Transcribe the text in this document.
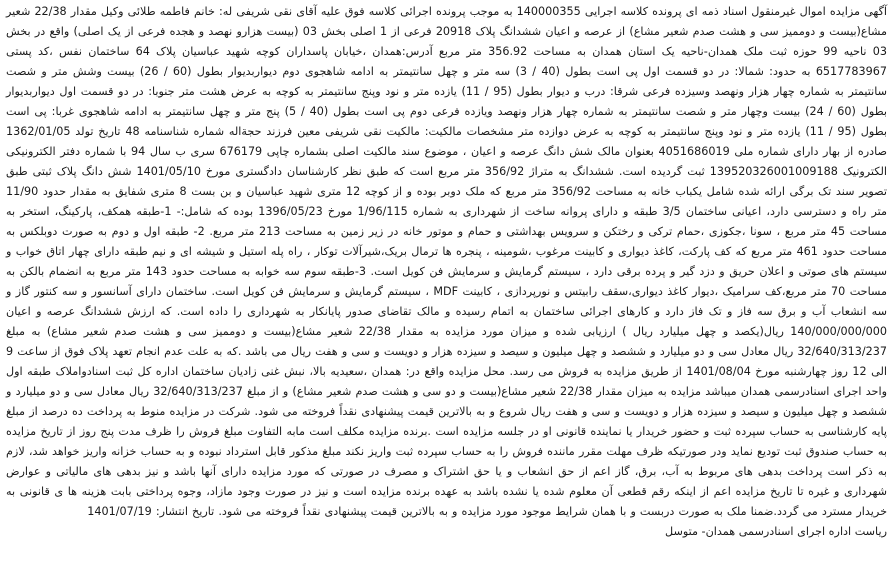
آگهی مزایده اموال غیرمنقول اسناد ذمه ای پرونده کلاسه اجرایی 140000355 به موجب پرونده اجرائی کلاسه فوق علیه آقای نقی شریفی له: خانم فاطمه طلائی وکیل مقدار 22/38 شعیر مشاع(بیست و دوممیز سی و هشت صدم شعیر مشاع) از عرصه و اعیان ششدانگ پلاک 20918 فرعی از 1 اصلی بخش 03 (بیست هزارو نهصد و هجده فرعی از یک اصلی) واقع در بخش 03 ناحیه 99 حوزه ثبت ملک همدان-ناحیه یک استان همدان به مساحت 356.92 متر مربع آدرس:همدان ،خیابان پاسداران کوچه شهید عباسیان پلاک 64 ساختمان نفس ،کد پستی 6517783967 به حدود: شمالا: در دو قسمت اول پی است بطول (40 / 3) سه متر و چهل سانتیمتر به ادامه شاهجوی دوم دیواربدیوار بطول (60 / 26) بیست وشش متر و شصت سانتیمتر به شماره چهار هزار ونهصد وسیزده فرعی شرقا: درب و دیوار بطول (95 / 11) یازده متر و نود وپنج سانتیمتر به کوچه به عرض هشت متر جنوبا: در دو قسمت اول دیواربدیوار بطول (60 / 24) بیست وچهار متر و شصت سانتیمتر به شماره چهار هزار ونهصد ویازده فرعی دوم پی است بطول (40 / 5) پنج متر و چهل سانتیمتر به ادامه شاهجوی غربا: پی است بطول (95 / 11) یازده متر و نود وپنج سانتیمتر به کوچه به عرض دوازده متر مشخصات مالکیت: مالکیت نقی شریفی معین فرزند حجةاله شماره شناسنامه 48 تاریخ تولد 1362/01/05 صادره از بهار دارای شماره ملی 4051686019 بعنوان مالک شش دانگ عرصه و اعیان ، موضوع سند مالکیت اصلی بشماره چاپی 676179 سری ب سال 94 با شماره دفتر الکترونیکی الکترونیک 139520326001009188 ثبت گردیده است. ششدانگ به متراژ 356/92 متر مربع است که طبق نظر کارشناسان دادگستری مورخ 1401/05/10 شش دانگ پلاک ثبتی طبق تصویر سند تک برگی ارائه شده شامل یکباب خانه به مساحت 356/92 متر مربع که ملک دوبر بوده و از کوچه 12 متری شهید عباسیان و بن بست 8 متری شفایق به مقدار حدود 11/90 متر راه و دسترسی دارد، اعیانی ساختمان 3/5 طبقه و دارای پروانه ساخت از شهرداری به شماره 1/96/115 مورخ 1396/05/23 بوده که شامل:- 1-طبقه همکف، پارکینگ، استخر به مساحت 45 متر مربع ، سونا ،جکوزی ،حمام ترکی و رختکن و سرویس بهداشتی و حمام و موتور خانه در زیر زمین به مساحت 213 متر مربع. 2- طبقه اول و دوم به صورت دوبلکس به مساحت حدود 461 متر مربع که کف پارکت، کاغذ دیواری و کابینت مرغوب ،شومینه ، پنجره ها ترمال بریک،شیرآلات توکار ، راه پله استیل و شیشه ای و نیم طبقه دارای چهار اتاق خواب و سیستم های صوتی و اعلان حریق و دزد گیر و پرده برقی دارد ، سیستم گرمایش و سرمایش فن کویل است. 3-طبقه سوم سه خوابه به مساحت حدود 143 متر مربع به انضمام بالکن به مساحت 70 متر مربع،کف سرامیک ،دیوار کاغذ دیواری،سقف رابیتس و نورپردازی ، کابینت MDF ، سیستم گرمایش و سرمایش فن کویل است. ساختمان دارای آسانسور و سه کنتور گاز و سه انشعاب آب و برق سه فاز و تک فاز دارد و کارهای اجرائی ساختمان به اتمام رسیده و مالک تقاضای صدور پایانکار به شهرداری را داده است. که ارزش ششدانگ عرصه و اعیان 140/000/000/000 ریال(یکصد و چهل میلیارد ریال ) ارزیابی شده و میزان مورد مزایده به مقدار 22/38 شعیر مشاع(بیست و دوممیز سی و هشت صدم شعیر مشاع) به مبلغ 32/640/313/237 ریال معادل سی و دو میلیارد و ششصد و چهل میلیون و سیصد و سیزده هزار و دویست و سی و هفت ریال می باشد .که به علت عدم انجام تعهد پلاک فوق از ساعت 9 الی 12 روز چهارشنبه مورخ 1401/08/04 از طریق مزایده به فروش می رسد. محل مزایده واقع در: همدان ،سعیدیه بالا، نبش غنی زادیان ساختمان اداره کل ثبت اسنادواملاک طبقه اول واحد اجرای اسنادرسمی همدان میباشد مزایده به میزان مقدار 22/38 شعیر مشاع(بیست و دو سی و هشت صدم شعیر مشاع) و از مبلغ 32/640/313/237 ریال معادل سی و دو میلیارد و ششصد و چهل میلیون و سیصد و سیزده هزار و دویست و سی و هفت ریال شروع و به بالاترین قیمت پیشنهادی نقداً فروخته می شود. شرکت در مزایده منوط به پرداخت ده درصد از مبلغ پایه کارشناسی به حساب سپرده ثبت و حضور خریدار یا نماینده قانونی او در جلسه مزایده است .برنده مزایده مکلف است مابه التفاوت مبلغ فروش را ظرف مدت پنج روز از تاریخ مزایده به حساب صندوق ثبت تودیع نماید ودر صورتیکه ظرف مهلت مقرر ماننده فروش را به حساب سپرده ثبت واریز نکند مبلغ مذکور قابل استرداد نبوده و به حساب خزانه واریز خواهد شد، لازم به ذکر است پرداخت بدهی های مربوط به آب، برق، گاز اعم از حق انشعاب و یا حق اشتراک و مصرف در صورتی که مورد مزایده دارای آنها باشد و نیز بدهی های مالیاتی و عوارض شهرداری و غیره تا تاریخ مزایده اعم از اینکه رقم قطعی آن معلوم شده یا نشده باشد به عهده برنده مزایده است و نیز در صورت وجود مازاد، وجوه پرداختی بابت هزینه ها ی قانونی به خریدار مسترد می گردد.ضمنا ملک به صورت دربست و با همان شرایط موجود مورد مزایده و به بالاترین قیمت پیشنهادی نقداً فروخته می شود. تاریخ انتشار: 1401/07/19

رياست اداره اجرای اسنادرسمی همدان- متوسل
